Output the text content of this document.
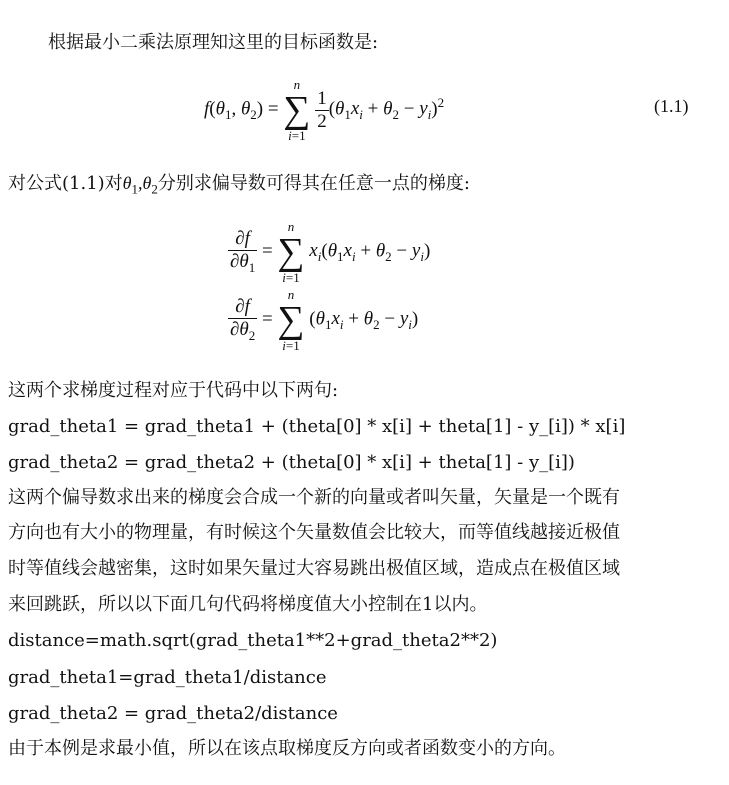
根据最小二乘法原理知这里的目标函数是:
$f(\theta_1$, $\theta_2$) =
n
∑
i=1

$\frac{1}{2} (\theta_1x_i + \theta_2 - y_i)^2$	(1.1)
对公式(1.1)对$\theta_1,\theta_2$分别求偏导数可得其在任意一点的梯度:
$\frac{\partial f}{\partial\theta_1}$ =
n
∑
i=1
$x_i(\theta_1x_i + \theta_2 - y_i)$
$\frac{\partial f}{\partial\theta_2}$ =
n
∑
i=1
$(\theta_1x_i + \theta_2 - y_i)$
这两个求梯度过程对应于代码中以下两句:
grad_theta1 = grad_theta1 + (theta[0] * x[i] + theta[1] - y_[i]) * x[i]
grad_theta2 = grad_theta2 + (theta[0] * x[i] + theta[1] - y_[i])
这两个偏导数求出来的梯度会合成一个新的向量或者叫矢量，矢量是一个既有
方向也有大小的物理量，有时候这个矢量数值会比较大，而等值线越接近极值
时等值线会越密集，这时如果矢量过大容易跳出极值区域，造成点在极值区域
来回跳跃，所以以下面几句代码将梯度值大小控制在1以内。
distance=math.sqrt(grad_theta1**2+grad_theta2**2)
grad_theta1=grad_theta1/distance
grad_theta2 = grad_theta2/distance
由于本例是求最小值，所以在该点取梯度反方向或者函数变小的方向。
